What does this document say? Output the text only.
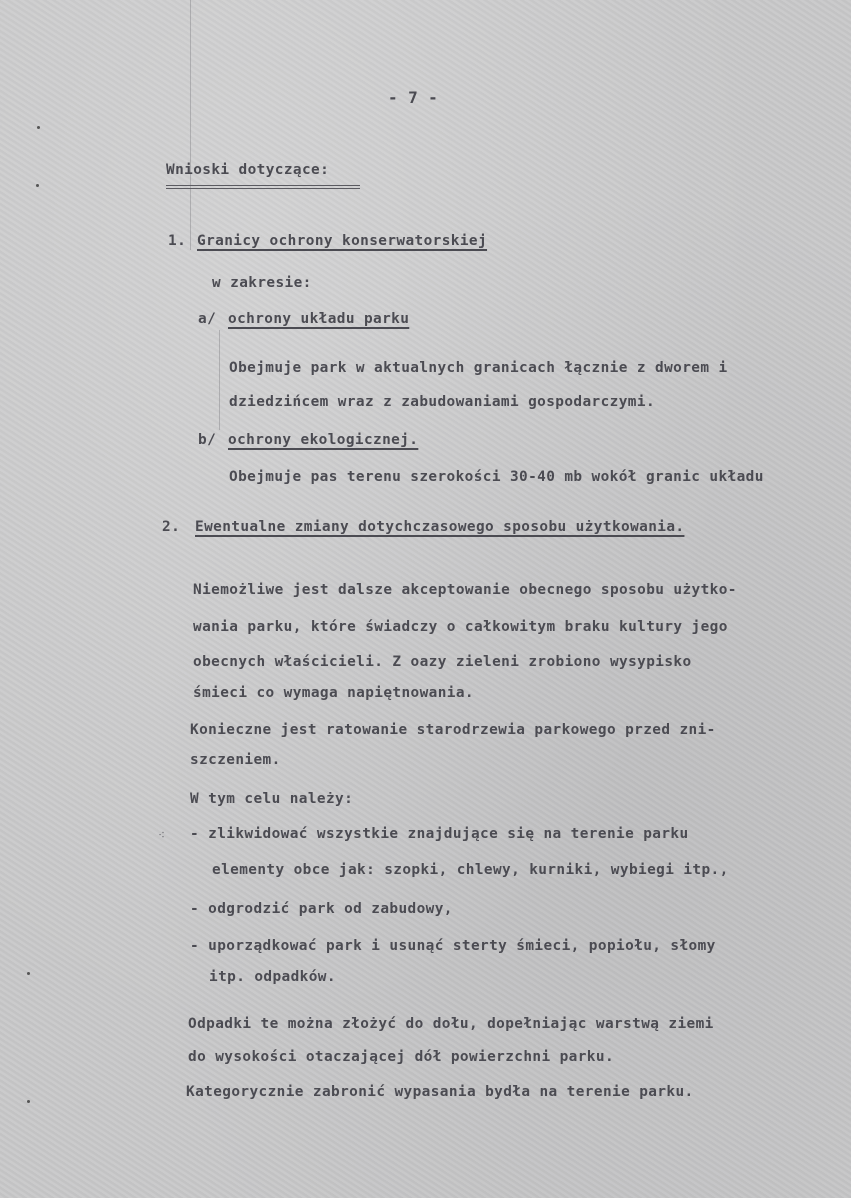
- 7 -
Wnioski dotyczące:
1. Granicy ochrony konserwatorskiej
w zakresie:
a/ ochrony układu parku
Obejmuje park w aktualnych granicach łącznie z dworem i
dziedzińcem wraz z zabudowaniami gospodarczymi.
b/ ochrony ekologicznej.
Obejmuje pas terenu szerokości 30-40 mb wokół granic układu
2. Ewentualne zmiany dotychczasowego sposobu użytkowania.
Niemożliwe jest dalsze akceptowanie obecnego sposobu użytko-
wania parku, które świadczy o całkowitym braku kultury jego
obecnych właścicieli. Z oazy zieleni zrobiono wysypisko
śmieci co wymaga napiętnowania.
Konieczne jest ratowanie starodrzewia parkowego przed zni-
szczeniem.
W tym celu należy:
⁖ - zlikwidować wszystkie znajdujące się na terenie parku
elementy obce jak: szopki, chlewy, kurniki, wybiegi itp.,
- odgrodzić park od zabudowy,
- uporządkować park i usunąć sterty śmieci, popiołu, słomy
itp. odpadków.
Odpadki te można złożyć do dołu, dopełniając warstwą ziemi
do wysokości otaczającej dół powierzchni parku.
Kategorycznie zabronić wypasania bydła na terenie parku.
